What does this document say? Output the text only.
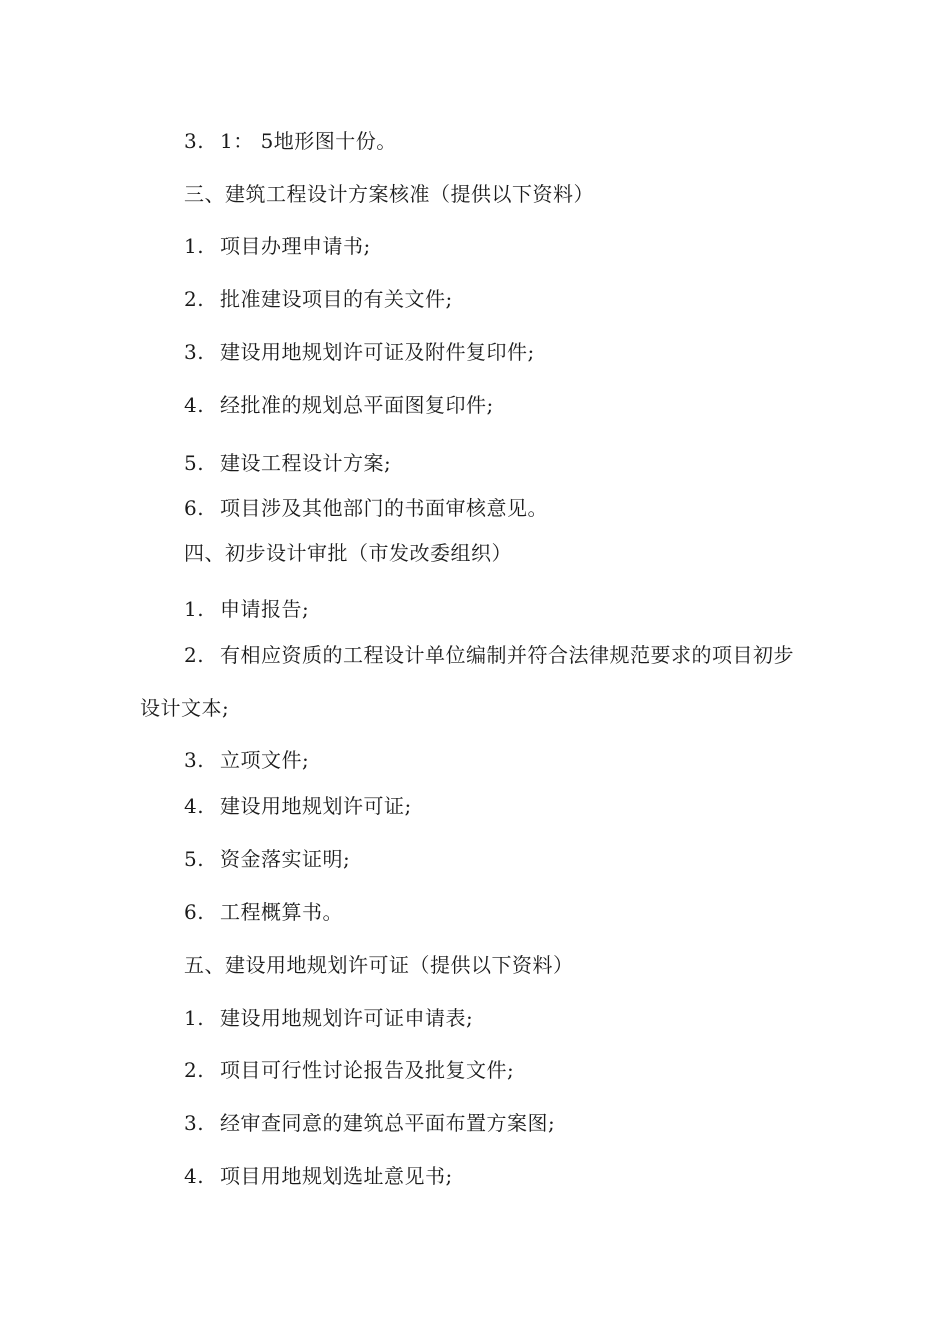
3. 1： 5地形图十份。
三、建筑工程设计方案核准（提供以下资料）
1. 项目办理申请书;
2. 批准建设项目的有关文件;
3. 建设用地规划许可证及附件复印件;
4. 经批准的规划总平面图复印件;
5. 建设工程设计方案;
6. 项目涉及其他部门的书面审核意见。
四、初步设计审批（市发改委组织）
1. 申请报告;
2. 有相应资质的工程设计单位编制并符合法律规范要求的项目初步
设计文本;
3. 立项文件;
4. 建设用地规划许可证;
5. 资金落实证明;
6. 工程概算书。
五、建设用地规划许可证（提供以下资料）
1. 建设用地规划许可证申请表;
2. 项目可行性讨论报告及批复文件;
3. 经审查同意的建筑总平面布置方案图;
4. 项目用地规划选址意见书;
